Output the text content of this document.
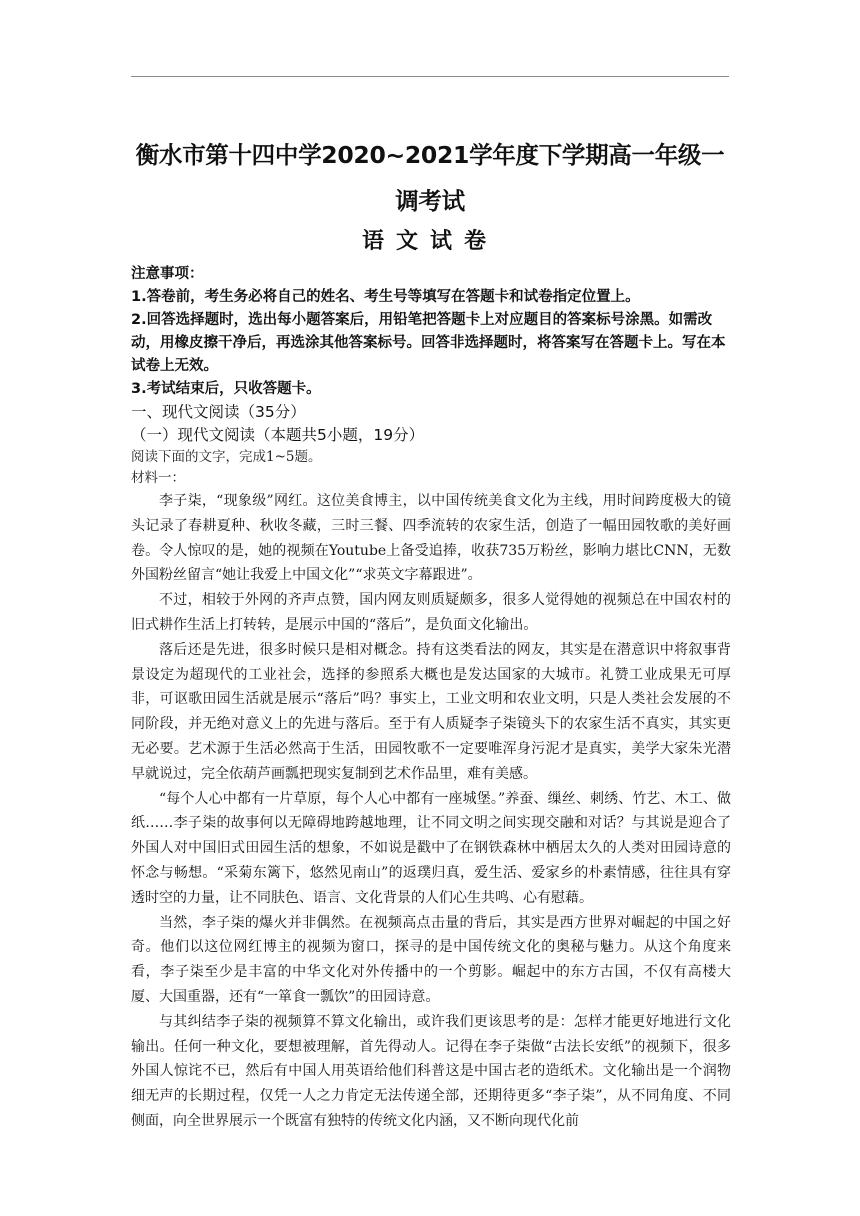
衡水市第十四中学2020~2021学年度下学期高一年级一调考试
语文试卷

注意事项：

1.答卷前，考生务必将自己的姓名、考生号等填写在答题卡和试卷指定位置上。

2.回答选择题时，选出每小题答案后，用铅笔把答题卡上对应题目的答案标号涂黑。如需改动，用橡皮擦干净后，再选涂其他答案标号。回答非选择题时，将答案写在答题卡上。写在本试卷上无效。

3.考试结束后，只收答题卡。

一、现代文阅读（35分）

（一）现代文阅读（本题共5小题，19分）

阅读下面的文字，完成1~5题。

材料一：

李子柒，“现象级”网红。这位美食博主，以中国传统美食文化为主线，用时间跨度极大的镜头记录了春耕夏种、秋收冬藏，三时三餐、四季流转的农家生活，创造了一幅田园牧歌的美好画卷。令人惊叹的是，她的视频在Youtube上备受追捧，收获735万粉丝，影响力堪比CNN，无数外国粉丝留言“她让我爱上中国文化”“求英文字幕跟进”。

不过，相较于外网的齐声点赞，国内网友则质疑颇多，很多人觉得她的视频总在中国农村的旧式耕作生活上打转转，是展示中国的“落后”，是负面文化输出。

落后还是先进，很多时候只是相对概念。持有这类看法的网友，其实是在潜意识中将叙事背景设定为超现代的工业社会，选择的参照系大概也是发达国家的大城市。礼赞工业成果无可厚非，可讴歌田园生活就是展示“落后”吗？事实上，工业文明和农业文明，只是人类社会发展的不同阶段，并无绝对意义上的先进与落后。至于有人质疑李子柒镜头下的农家生活不真实，其实更无必要。艺术源于生活必然高于生活，田园牧歌不一定要唯浑身污泥才是真实，美学大家朱光潜早就说过，完全依葫芦画瓢把现实复制到艺术作品里，难有美感。

“每个人心中都有一片草原，每个人心中都有一座城堡。”养蚕、缫丝、刺绣、竹艺、木工、做纸……李子柒的故事何以无障碍地跨越地理，让不同文明之间实现交融和对话？与其说是迎合了外国人对中国旧式田园生活的想象，不如说是戳中了在钢铁森林中栖居太久的人类对田园诗意的怀念与畅想。“采菊东篱下，悠然见南山”的返璞归真，爱生活、爱家乡的朴素情感，往往具有穿透时空的力量，让不同肤色、语言、文化背景的人们心生共鸣、心有慰藉。

当然，李子柒的爆火并非偶然。在视频高点击量的背后，其实是西方世界对崛起的中国之好奇。他们以这位网红博主的视频为窗口，探寻的是中国传统文化的奥秘与魅力。从这个角度来看，李子柒至少是丰富的中华文化对外传播中的一个剪影。崛起中的东方古国，不仅有高楼大厦、大国重器，还有“一箪食一瓢饮”的田园诗意。

与其纠结李子柒的视频算不算文化输出，或许我们更该思考的是：怎样才能更好地进行文化输出。任何一种文化，要想被理解，首先得动人。记得在李子柒做“古法长安纸”的视频下，很多外国人惊诧不已，然后有中国人用英语给他们科普这是中国古老的造纸术。文化输出是一个润物细无声的长期过程，仅凭一人之力肯定无法传递全部，还期待更多“李子柒”，从不同角度、不同侧面，向全世界展示一个既富有独特的传统文化内涵，又不断向现代化前
